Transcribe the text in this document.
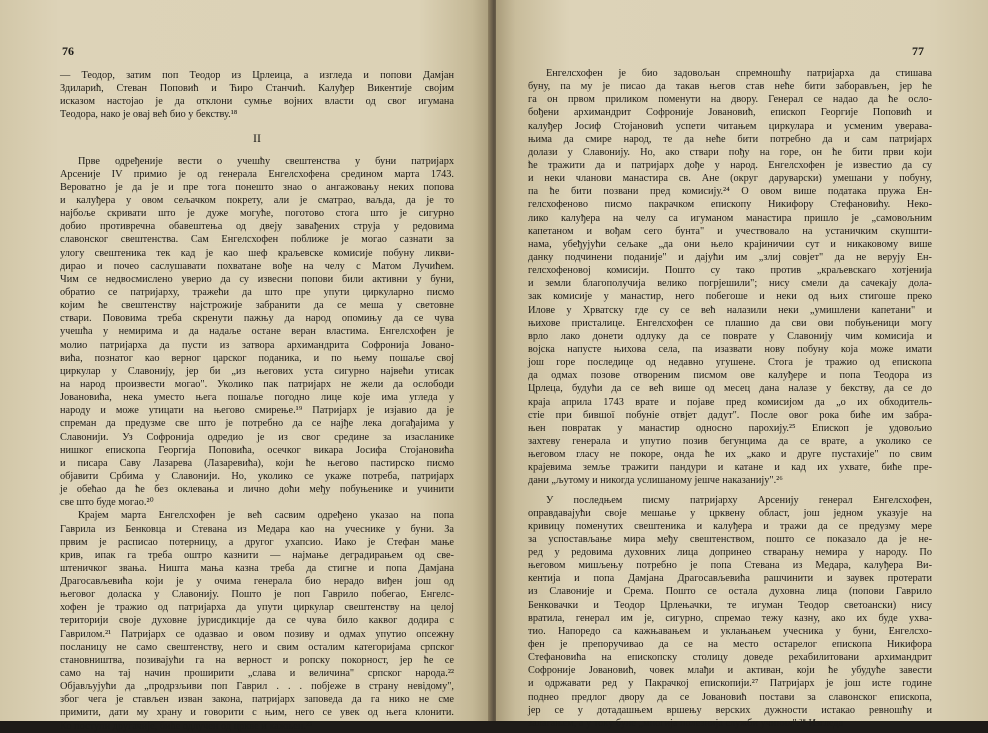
76
— Теодор, затим поп Теодор из Црлеица, а изгледа и попови Дамјан
Здиларић, Стеван Поповић и Ћиро Станчић. Калуђер Викентије својим
исказом настојао је да отклони сумње војних власти од свог игумана
Теодора, нако је овај већ био у бекству.¹⁸
II
Прве одређеније вести о учешћу свештенства у буни патријарх
Арсеније IV примио је од генерала Енгелсхофена средином марта 1743.
Вероватно је да је и пре тога понешто знао о ангажовању неких попова
и калуђера у овом сељачком покрету, али је сматрао, ваљда, да је то
најбоље скривати што је дуже могуће, поготово стога што је сигурно
добио противречна обавештења од двеју завађених струја у редовима
славонског свештенства. Сам Енгелсхофен поближе је могао сазнати за
улогу свештеника тек кад је као шеф краљевске комисије побуну ликви-
дирао и почео саслушавати похватане вође на челу с Матом Лучићем.
Чим се недвосмислено уверио да су извесни попови били активни у буни,
обратио се патријарху, тражећи да што пре упути циркуларно писмо
којим ће свештенству најстрожије забранити да се меша у световне
ствари. Пововима треба скренути пажњу да народ опомињу да се чува
учешћа у немирима и да надаље остане веран властима. Енгелсхофен је
молио патријарха да пусти из затвора архимандрита Софронија Јованo-
вића, познатог као верног царског поданика, и по њему пошаље свој
циркулар у Славонију, јер би „из његових уста сигурно највећи утисак
на народ произвести могао". Уколико пак патријарх не жели да ослободи
Јовановића, нека уместо њега пошаље погодно лице које има угледа у
народу и може утицати на његово смирење.¹⁹ Патријарх је изјавио да је
спреман да предузме све што је потребно да се најђе лека догађајима у
Славонији. Уз Софронија одредио је из свог средине за изасланике
нишког епископа Георгија Поповића, осечког викара Јосифа Стојановића
и писара Саву Лазарева (Лазаревића), који ће његово пастирско писмо
објавити Србима у Славонији. Но, уколико се укаже потреба, патријарх
је обећао да ће без оклевања и лично доћи међу побуњенике и учинити
све што буде могао.²⁰
Крајем марта Енгелсхофен је већ сасвим одређено указао на попа
Гаврила из Бенковца и Стевана из Медара као на учеснике у буни. За
првим је расписао потерницу, а другог ухапсио. Иако је Стефан мање
крив, ипак га треба оштро казнити — најмање деградирањем од све-
штеничког звања. Ништа мања казна треба да стигне и попа Дамјана
Драгосављевића који је у очима генерала био нерадо виђен још од
његовог доласка у Славонију. Пошто је поп Гаврило побегао, Енгелс-
хофен је тражио од патријарха да упути циркулар свештенству на целој
територији своје духовне јурисдикције да се чува било каквог додира с
Гаврилом.²¹ Патријарх се одазвао и овом позиву и одмах упутио опсежну
посланицу не само свештенству, него и свим осталим категоријама српског
становништва, позивајући га на верност и ропску покорност, јер ће се
само на тај начин проширити „слава и величина" српског народа.²²
Објављујући да „продрзљиви поп Гаврил . . . побјеже в страну невідому",
због чега је стављен изван закона, патријарх заповеда да га нико не сме
примити, дати му храну и говорити с њим, него се увек од њега клонити.
Ко поступи другачије, биће одлучен од цркве и кажњен.²³
77
Енгелсхофен је био задовољан спремношћу патријарха да стишава
буну, па му је писао да такав његов став неће бити заборављен, јер ће
га он првом приликом поменути на двору. Генерал се надао да ће осло-
бођени архимандрит Софроније Јовановић, епископ Георгије Поповић и
калуђер Јосиф Стојановић успети читањем циркулара и усменим уверава-
њима да смире народ, те да неће бити потребно да и сам патријарх
долази у Славонију. Но, ако ствари пођу на горе, он ће бити први који
ће тражити да и патријарх дође у народ. Енгелсхофен је известио да су
и неки чланови манастира св. Ане (округ даруварски) умешани у побуну,
па ће бити позвани пред комисију.²⁴ О овом више података пружа Ен-
гелсхофеново писмо пакрачком епископу Никифору Стефановићу. Неко-
лико калуђера на челу са игуманом манастира пришло је „самовољним
капетаном и вођам сего бунта" и учествовало на устаничким скупшти-
нама, убеђујући сељаке „да они њело крајиничии сут и никаковому више
данку подчинени поданије" и дајући им „злиј совјет" да не верују Ен-
гелсхофеновој комисији. Пошто су тако против „краљевскаго хотјенија
и земли благополучија велико погрјешили"; нису смели да сачекају дола-
зак комисије у манастир, него побегоше и неки од њих стигоше преко
Илове у Хрватску где су се већ налазили неки „умишлени капетани" и
њихове присталице. Енгелсхофен се плашио да сви ови побуњеници могу
врло лако донети одлуку да се поврате у Славонију чим комисија и
војска напусте њихова села, па изазвати нову побуну која може имати
још горе последице од недавно угушене. Стога је тражио од епископа
да одмах позове отвореним писмом ове калуђере и попа Теодора из
Црлеца, будући да се већ више од месец дана налазе у бекству, да се до
краја априла 1743 врате и појаве пред комисијом да „о их обходитель-
стіе при бившої побуніе отвјет дадут". После овог рока биће им забра-
њен повратак у манастир односно парохију.²⁵ Епископ је удовољио
захтеву генерала и упутио позив бегунцима да се врате, а уколико се
његовом гласу не покоре, онда ће их „како и друге пустахије" по свим
крајевима земље тражити пандури и катане и кад их ухвате, биће пре-
дани „љутому и никогда услишаному јешче наказанију".²⁶
У последњем писму патријарху Арсенију генерал Енгелсхофен,
оправдавајући своје мешање у црквену област, још једном указује на
кривицу поменутих свештеника и калуђера и тражи да се предузму мере
за успостављање мира међу свештенством, пошто се показало да је не-
ред у редовима духовних лица допринео стварању немира у народу. По
његовом мишљењу потребно је попа Стевана из Медара, калуђера Ви-
кентија и попа Дамјана Драгосављевића рашчинити и заувек протерати
из Славоније и Срема. Пошто се остала духовна лица (попови Гаврило
Бенковачки и Теодор Црлењачки, те игуман Теодор светоански) нису
вратила, генерал им је, сигурно, спремао тежу казну, ако их буде ухва-
тио. Напоредо са кажњавањем и уклањањем учесника у буни, Енгелсхо-
фен је препоручивао да се на место остарелог епископа Никифора
Стефановића на епископску столицу доведе рехабилитовани архимандрит
Софроније Јовановић, човек млађи и активан, који ће убудуће завести
и одржавати ред у Пакрачкој епископији.²⁷ Патријарх је још исте године
поднео предлог двору да се Јовановић постави за славонског епископа,
јер се у дотадашњем вршењу верских дужности истакао ревношћу и
залагањем, а у току буне „многија полезнија служби учинил".²⁸ Изгледа
